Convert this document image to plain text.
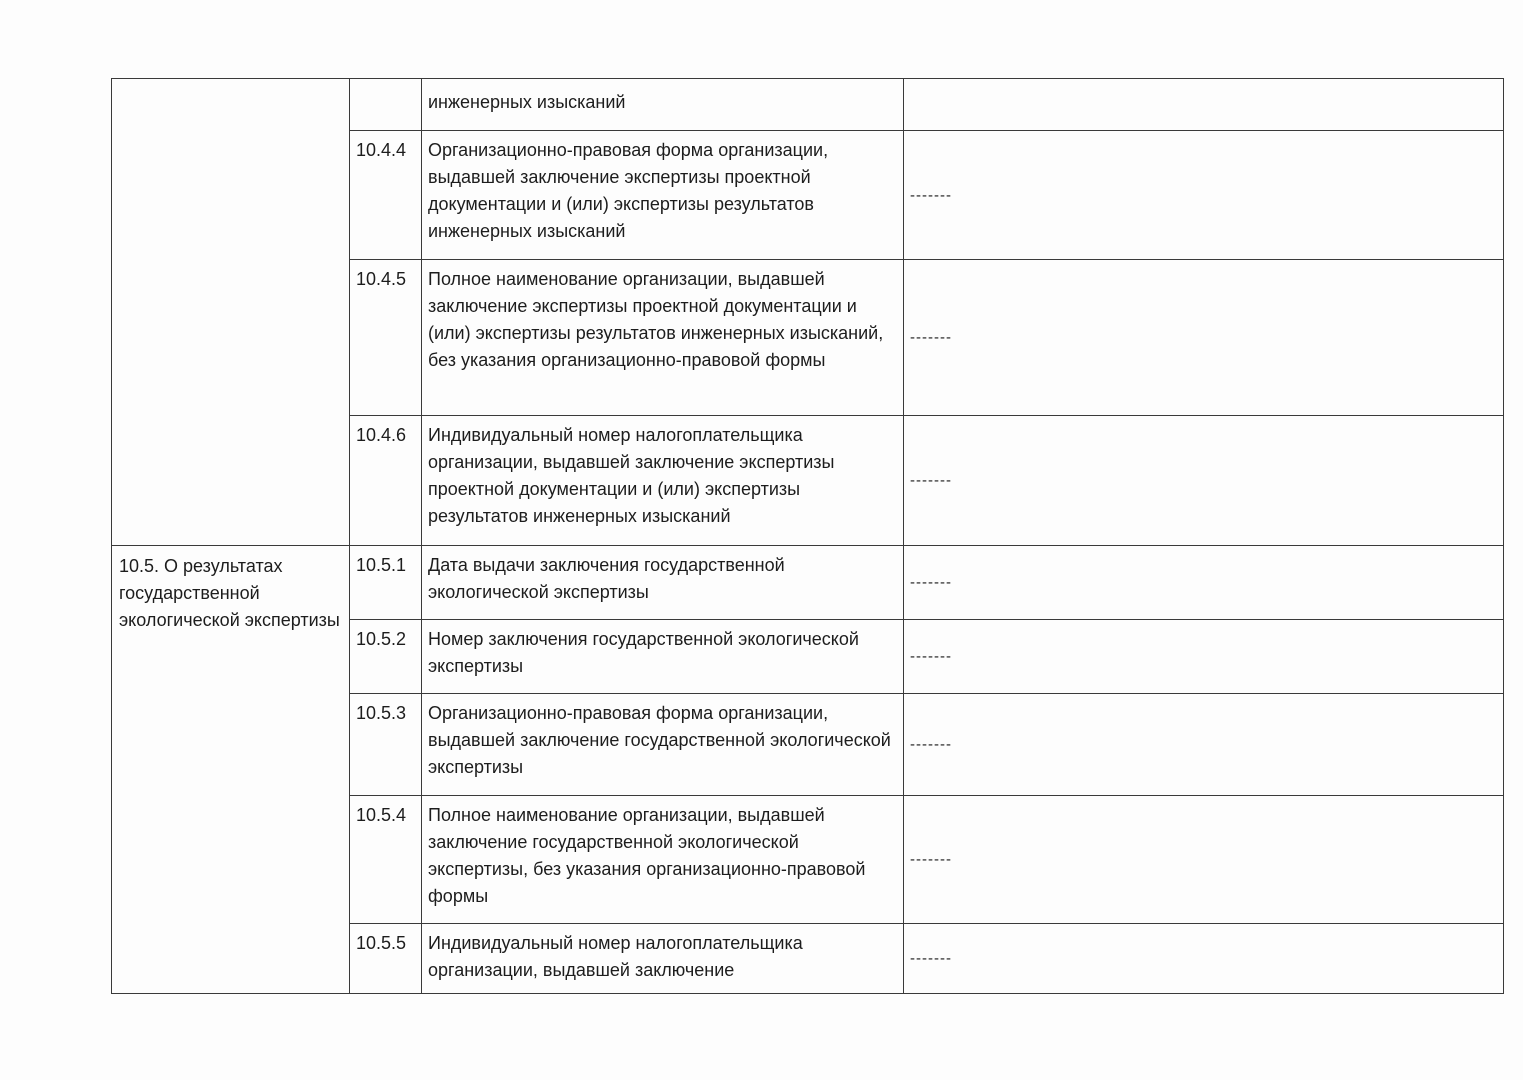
		инженерных изысканий	
	10.4.4	Организационно-правовая форма организации, выдавшей заключение экспертизы проектной документации и (или) экспертизы результатов инженерных изысканий	-------
	10.4.5	Полное наименование организации, выдавшей заключение экспертизы проектной документации и (или) экспертизы результатов инженерных изысканий, без указания организационно-правовой формы	-------
	10.4.6	Индивидуальный номер налогоплательщика организации, выдавшей заключение экспертизы проектной документации и (или) экспертизы результатов инженерных изысканий	-------
10.5. О результатах государственной экологической экспертизы	10.5.1	Дата выдачи заключения государственной экологической экспертизы	-------
	10.5.2	Номер заключения государственной экологической экспертизы	-------
	10.5.3	Организационно-правовая форма организации, выдавшей заключение государственной экологической экспертизы	-------
	10.5.4	Полное наименование организации, выдавшей заключение государственной экологической экспертизы, без указания организационно-правовой формы	-------
	10.5.5	Индивидуальный номер налогоплательщика организации, выдавшей заключение	-------
